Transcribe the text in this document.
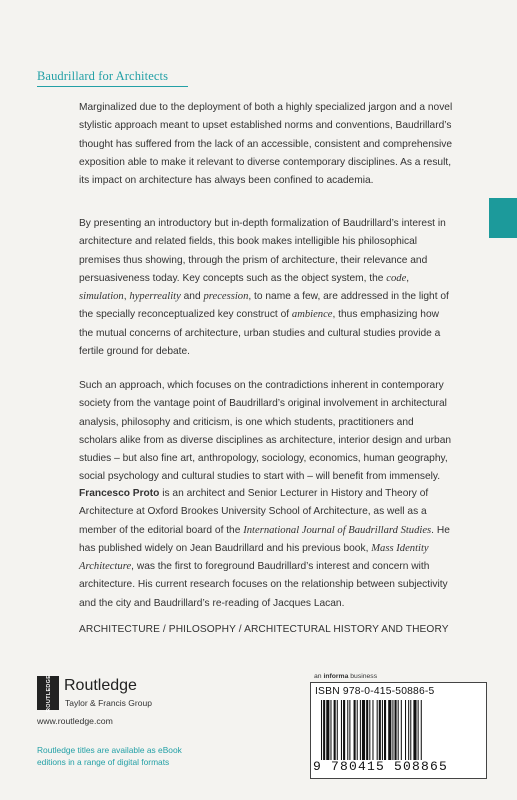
Baudrillard for Architects

Marginalized due to the deployment of both a highly specialized jargon and a novel stylistic approach meant to upset established norms and conventions, Baudrillard’s thought has suffered from the lack of an accessible, consistent and comprehensive exposition able to make it relevant to diverse contemporary disciplines. As a result, its impact on architecture has always been confined to academia.

By presenting an introductory but in-depth formalization of Baudrillard’s interest in architecture and related fields, this book makes intelligible his philosophical premises thus showing, through the prism of architecture, their relevance and persuasiveness today. Key concepts such as the object system, the code, simulation, hyperreality and precession, to name a few, are addressed in the light of the specially reconceptualized key construct of ambience, thus emphasizing how the mutual concerns of architecture, urban studies and cultural studies provide a fertile ground for debate.

Such an approach, which focuses on the contradictions inherent in contemporary society from the vantage point of Baudrillard’s original involvement in architectural analysis, philosophy and criticism, is one which students, practitioners and scholars alike from as diverse disciplines as architecture, interior design and urban studies – but also fine art, anthropology, sociology, economics, human geography, social psychology and cultural studies to start with – will benefit from immensely.

Francesco Proto is an architect and Senior Lecturer in History and Theory of Architecture at Oxford Brookes University School of Architecture, as well as a member of the editorial board of the International Journal of Baudrillard Studies. He has published widely on Jean Baudrillard and his previous book, Mass Identity Architecture, was the first to foreground Baudrillard’s interest and concern with architecture. His current research focuses on the relationship between subjectivity and the city and Baudrillard’s re-reading of Jacques Lacan.

ARCHITECTURE / PHILOSOPHY / ARCHITECTURAL HISTORY AND THEORY
ROUTLEDGE Routledge
Taylor & Francis Group
www.routledge.com

Routledge titles are available as eBook editions in a range of digital formats

an informa business
ISBN 978-0-415-50886-5
9 780415 508865
